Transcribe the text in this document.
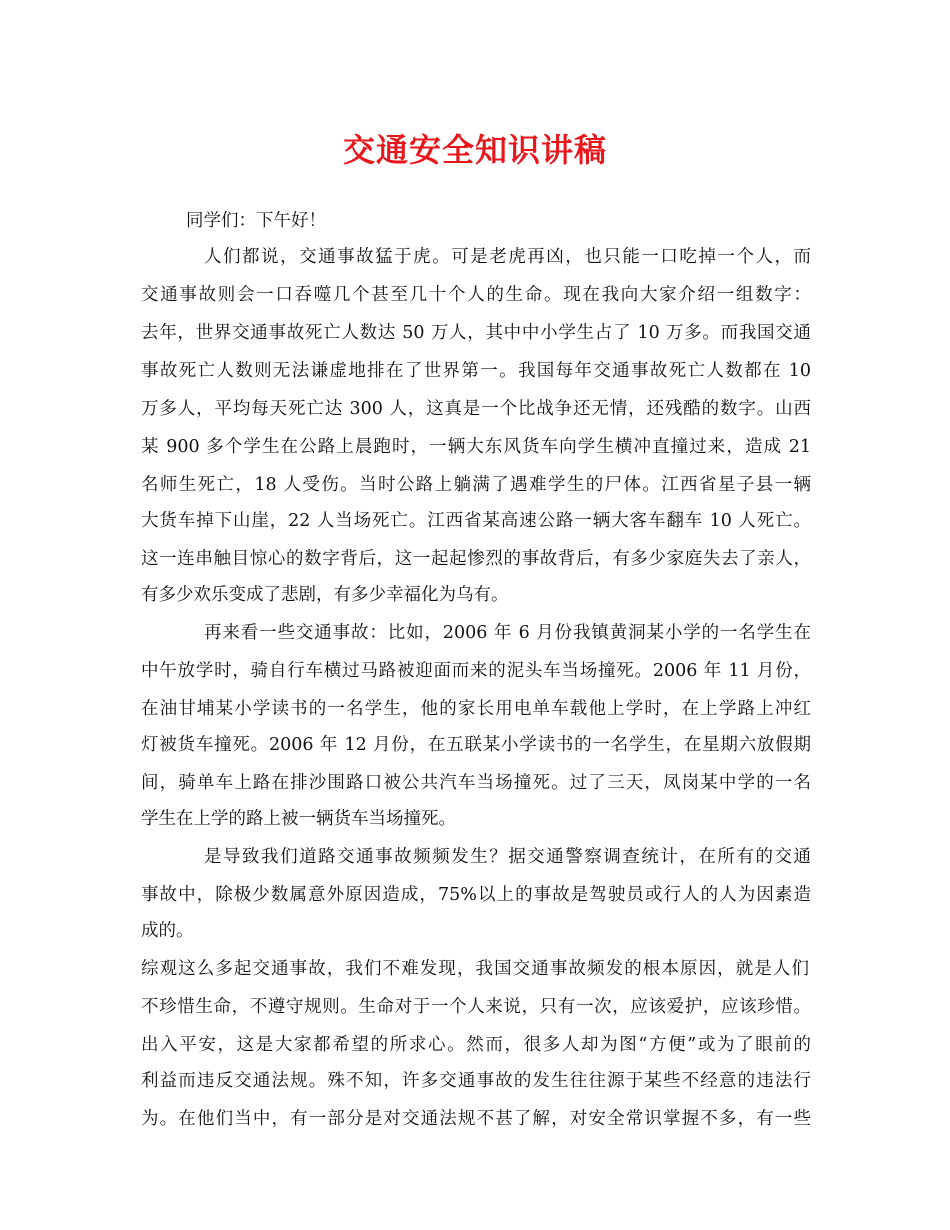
交通安全知识讲稿
同学们：下午好！
人们都说，交通事故猛于虎。可是老虎再凶，也只能一口吃掉一个人，而
交通事故则会一口吞噬几个甚至几十个人的生命。现在我向大家介绍一组数字：
去年，世界交通事故死亡人数达 50 万人，其中中小学生占了 10 万多。而我国交通
事故死亡人数则无法谦虚地排在了世界第一。我国每年交通事故死亡人数都在 10
万多人，平均每天死亡达 300 人，这真是一个比战争还无情，还残酷的数字。山西
某 900 多个学生在公路上晨跑时，一辆大东风货车向学生横冲直撞过来，造成 21
名师生死亡，18 人受伤。当时公路上躺满了遇难学生的尸体。江西省星子县一辆
大货车掉下山崖，22 人当场死亡。江西省某高速公路一辆大客车翻车 10 人死亡。
这一连串触目惊心的数字背后，这一起起惨烈的事故背后，有多少家庭失去了亲人，
有多少欢乐变成了悲剧，有多少幸福化为乌有。
再来看一些交通事故：比如，2006 年 6 月份我镇黄洞某小学的一名学生在
中午放学时，骑自行车横过马路被迎面而来的泥头车当场撞死。2006 年 11 月份，
在油甘埔某小学读书的一名学生，他的家长用电单车载他上学时，在上学路上冲红
灯被货车撞死。2006 年 12 月份，在五联某小学读书的一名学生，在星期六放假期
间，骑单车上路在排沙围路口被公共汽车当场撞死。过了三天，凤岗某中学的一名
学生在上学的路上被一辆货车当场撞死。
是导致我们道路交通事故频频发生？据交通警察调查统计，在所有的交通
事故中，除极少数属意外原因造成，75%以上的事故是驾驶员或行人的人为因素造
成的。
综观这么多起交通事故，我们不难发现，我国交通事故频发的根本原因，就是人们
不珍惜生命，不遵守规则。生命对于一个人来说，只有一次，应该爱护，应该珍惜。
出入平安，这是大家都希望的所求心。然而，很多人却为图“方便”或为了眼前的
利益而违反交通法规。殊不知，许多交通事故的发生往往源于某些不经意的违法行
为。在他们当中，有一部分是对交通法规不甚了解，对安全常识掌握不多，有一些
